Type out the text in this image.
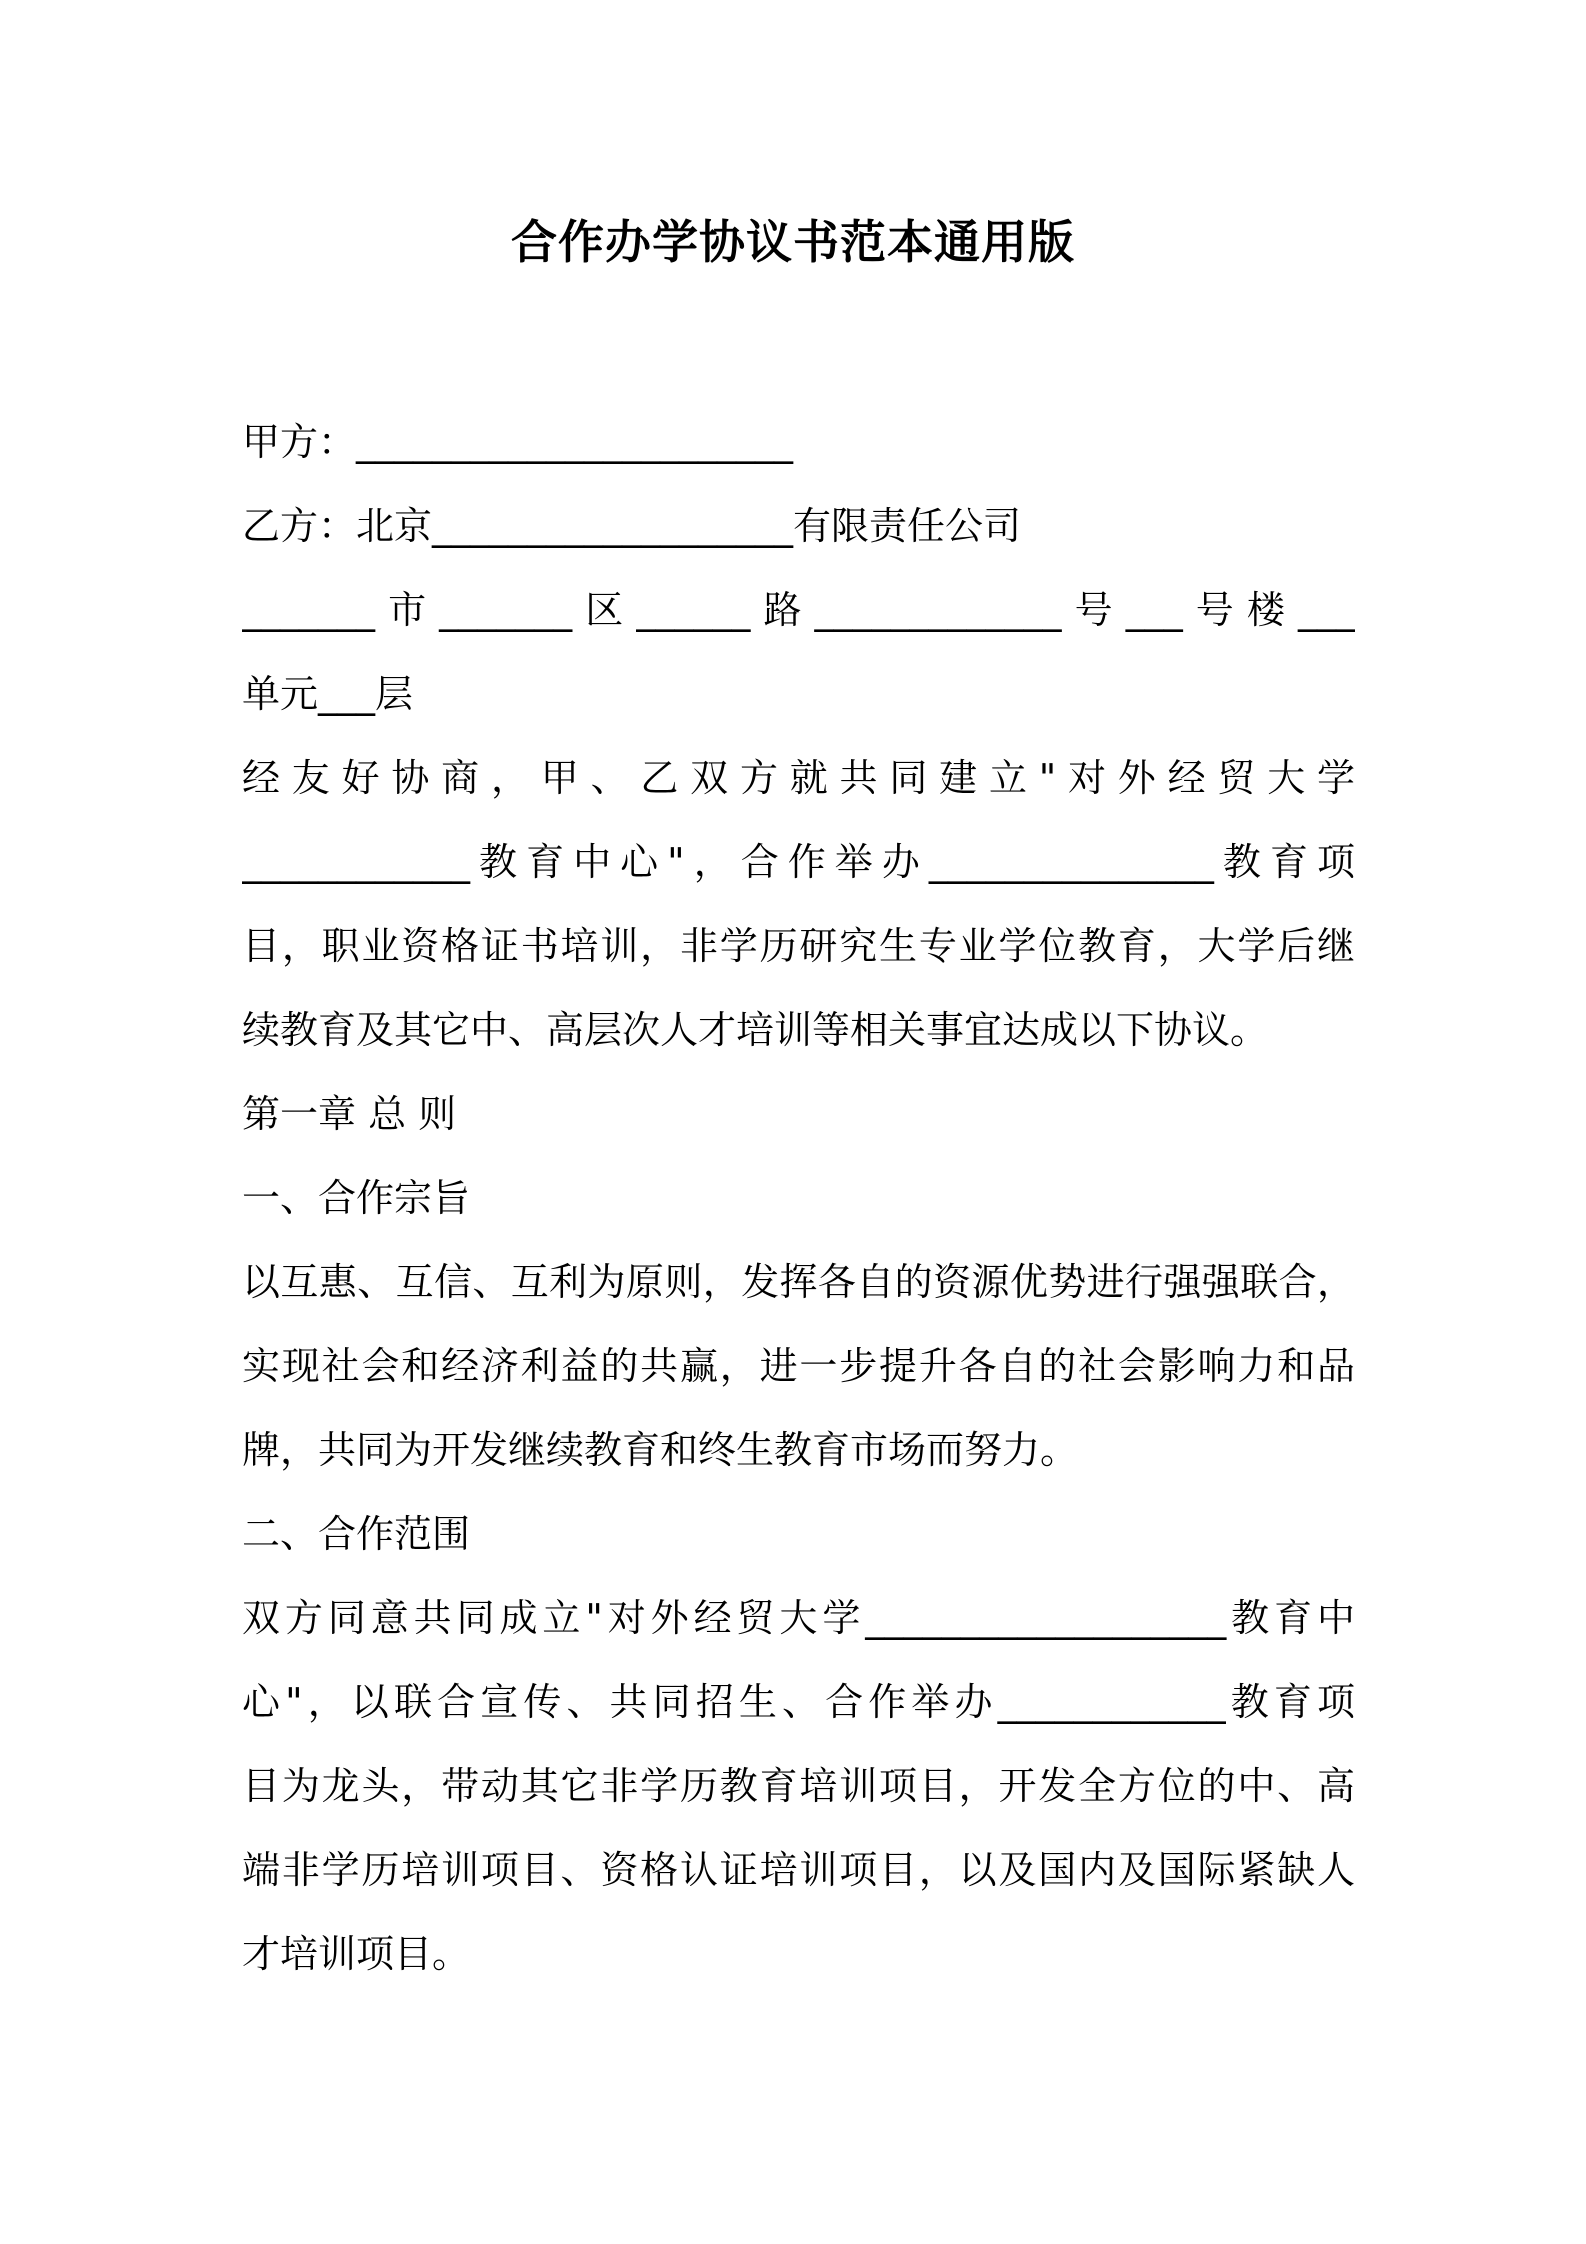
合作办学协议书范本通用版
甲方：_______________________
乙方：北京___________________有限责任公司
_______市_______区______路_____________号___号楼___
单元___层
经友好协商，甲、乙双方就共同建立"对外经贸大学
____________教育中心"，合作举办_______________教育项
目，职业资格证书培训，非学历研究生专业学位教育，大学后继
续教育及其它中、高层次人才培训等相关事宜达成以下协议。
第一章 总 则
一、合作宗旨
以互惠、互信、互利为原则，发挥各自的资源优势进行强强联合，
实现社会和经济利益的共赢，进一步提升各自的社会影响力和品
牌，共同为开发继续教育和终生教育市场而努力。
二、合作范围
双方同意共同成立"对外经贸大学___________________教育中
心"，以联合宣传、共同招生、合作举办____________教育项
目为龙头，带动其它非学历教育培训项目，开发全方位的中、高
端非学历培训项目、资格认证培训项目，以及国内及国际紧缺人
才培训项目。
